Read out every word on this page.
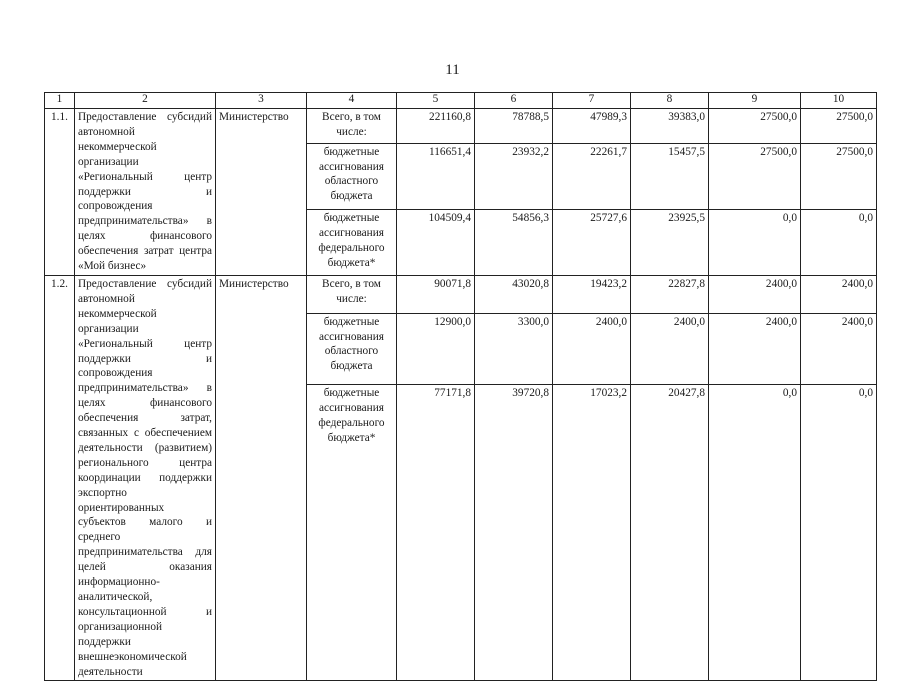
11
1	2	3	4	5	6	7	8	9	10
1.1.	Предоставление субсидий автономной некоммерческой организации «Региональный центр поддержки и сопровождения предпринимательства» в целях финансового обеспечения затрат центра «Мой бизнес»	Министерство	Всего, в том числе:	221160,8	78788,5	47989,3	39383,0	27500,0	27500,0
			бюджетные ассигнования областного бюджета	116651,4	23932,2	22261,7	15457,5	27500,0	27500,0
			бюджетные ассигнования федерального бюджета*	104509,4	54856,3	25727,6	23925,5	0,0	0,0
1.2.	Предоставление субсидий автономной некоммерческой организации «Региональный центр поддержки и сопровождения предпринимательства» в целях финансового обеспечения затрат, связанных с обеспечением деятельности (развитием) регионального центра координации поддержки экспортно ориентированных субъектов малого и среднего предпринимательства для целей оказания информационно-аналитической, консультационной и организационной поддержки внешнеэкономической деятельности	Министерство	Всего, в том числе:	90071,8	43020,8	19423,2	22827,8	2400,0	2400,0
			бюджетные ассигнования областного бюджета	12900,0	3300,0	2400,0	2400,0	2400,0	2400,0
			бюджетные ассигнования федерального бюджета*	77171,8	39720,8	17023,2	20427,8	0,0	0,0
